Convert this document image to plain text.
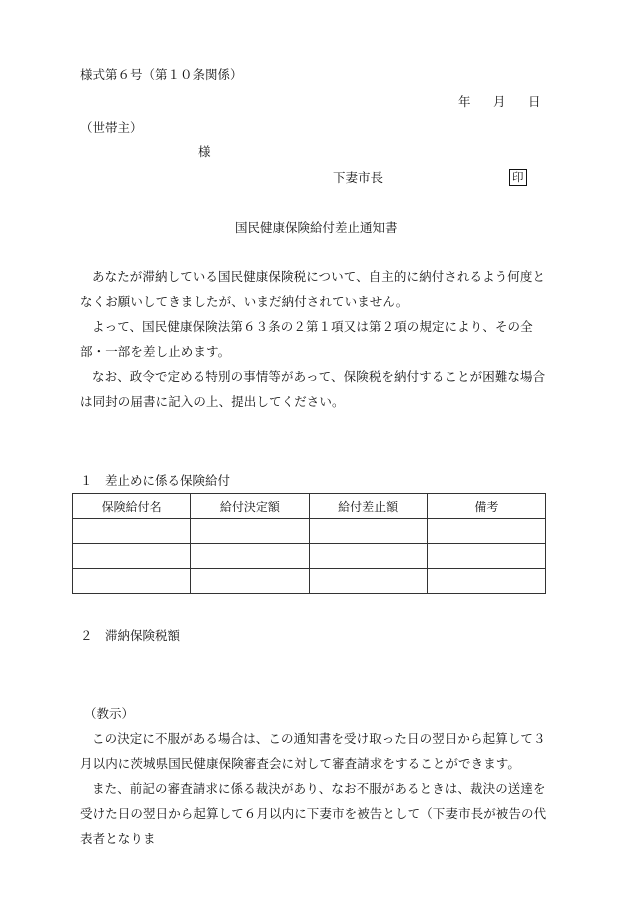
様式第６号（第１０条関係）
年 月 日
（世帯主）
様
下妻市長	印
国民健康保険給付差止通知書

あなたが滞納している国民健康保険税について、自主的に納付されるよう何度となくお願いしてきましたが、いまだ納付されていません。

よって、国民健康保険法第６３条の２第１項又は第２項の規定により、その全部・一部を差し止めます。

なお、政令で定める特別の事情等があって、保険税を納付することが困難な場合は同封の届書に記入の上、提出してください。

１　差止めに係る保険給付
保険給付名	給付決定額	給付差止額	備考

２　滞納保険税額
（教示）

この決定に不服がある場合は、この通知書を受け取った日の翌日から起算して３月以内に茨城県国民健康保険審査会に対して審査請求をすることができます。

また、前記の審査請求に係る裁決があり、なお不服があるときは、裁決の送達を受けた日の翌日から起算して６月以内に下妻市を被告として（下妻市長が被告の代表者となりま
